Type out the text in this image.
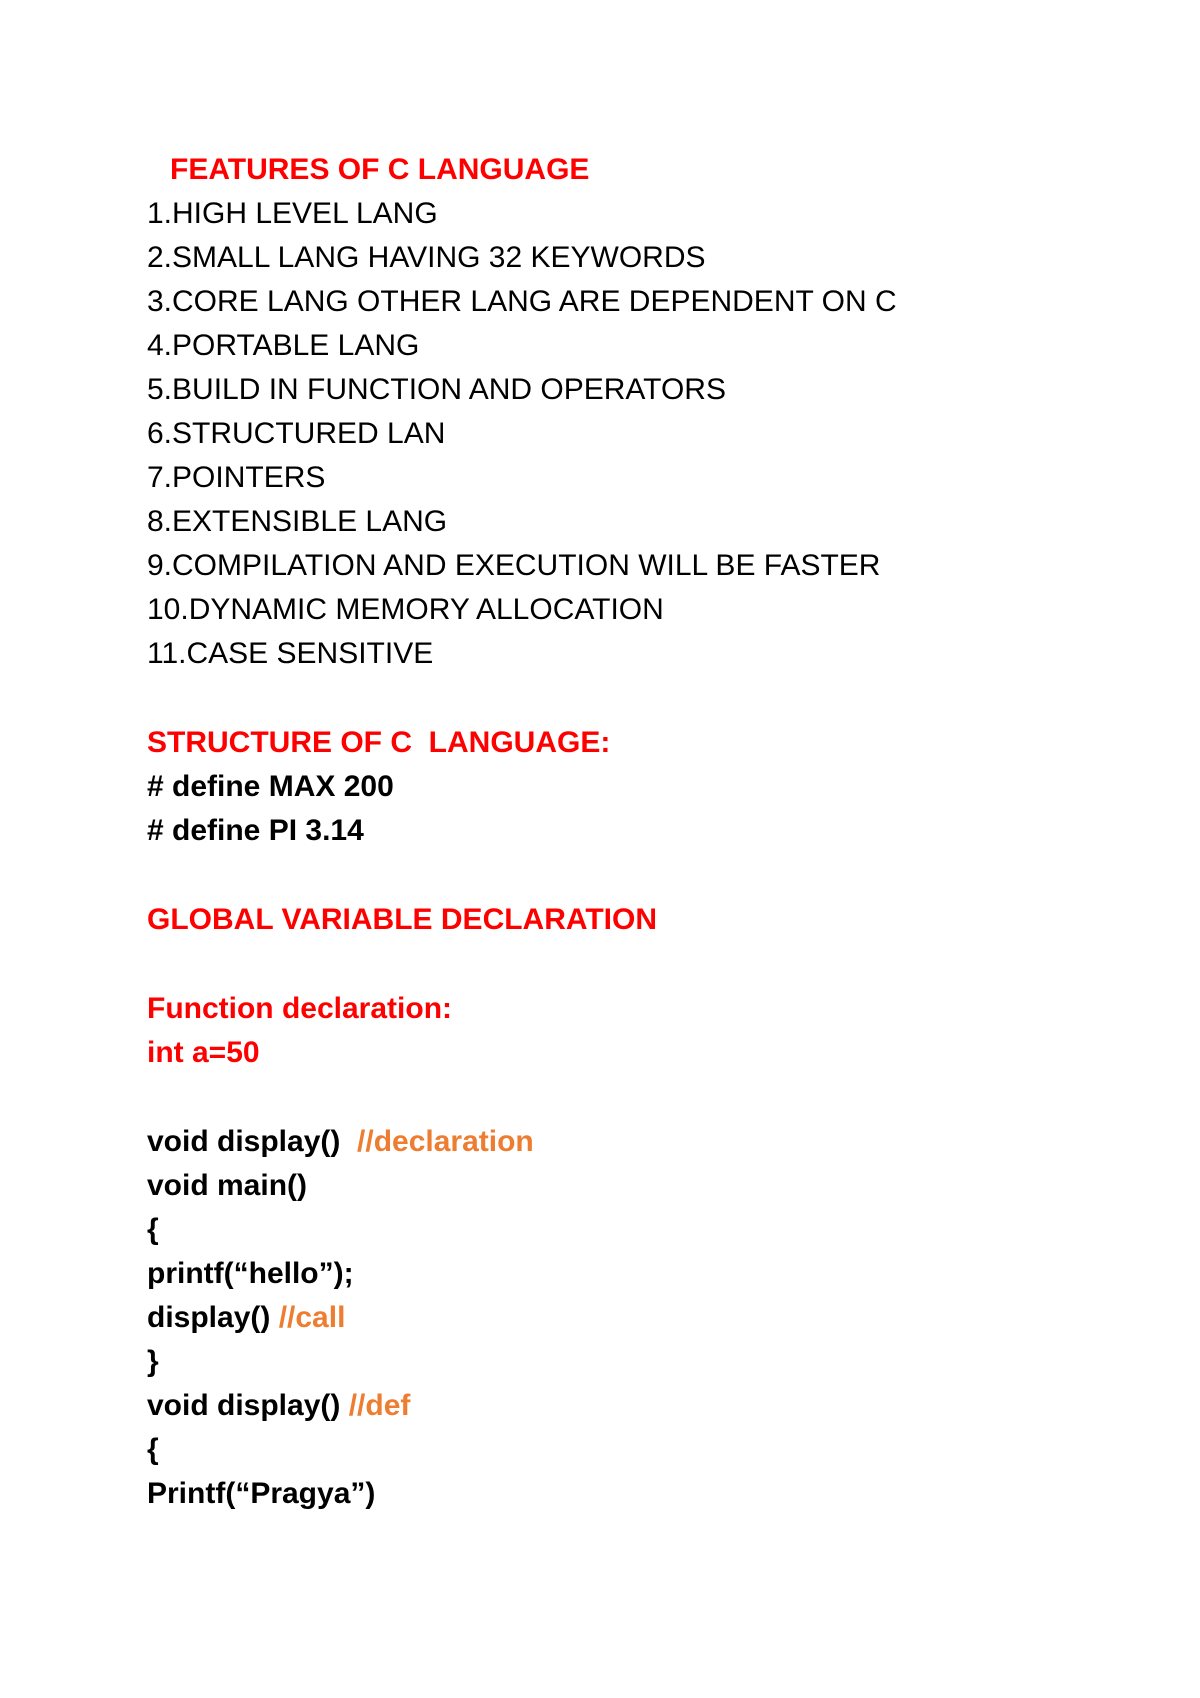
FEATURES OF C LANGUAGE

1.HIGH LEVEL LANG

2.SMALL LANG HAVING 32 KEYWORDS

3.CORE LANG OTHER LANG ARE DEPENDENT ON C

4.PORTABLE LANG

5.BUILD IN FUNCTION AND OPERATORS

6.STRUCTURED LAN

7.POINTERS

8.EXTENSIBLE LANG

9.COMPILATION AND EXECUTION WILL BE FASTER

10.DYNAMIC MEMORY ALLOCATION

11.CASE SENSITIVE

STRUCTURE OF C  LANGUAGE:

# define MAX 200

# define PI 3.14

GLOBAL VARIABLE DECLARATION

Function declaration:

int a=50

void display()  //declaration

void main()

{

printf(“hello”);

display() //call

}

void display() //def

{

Printf(“Pragya”)
